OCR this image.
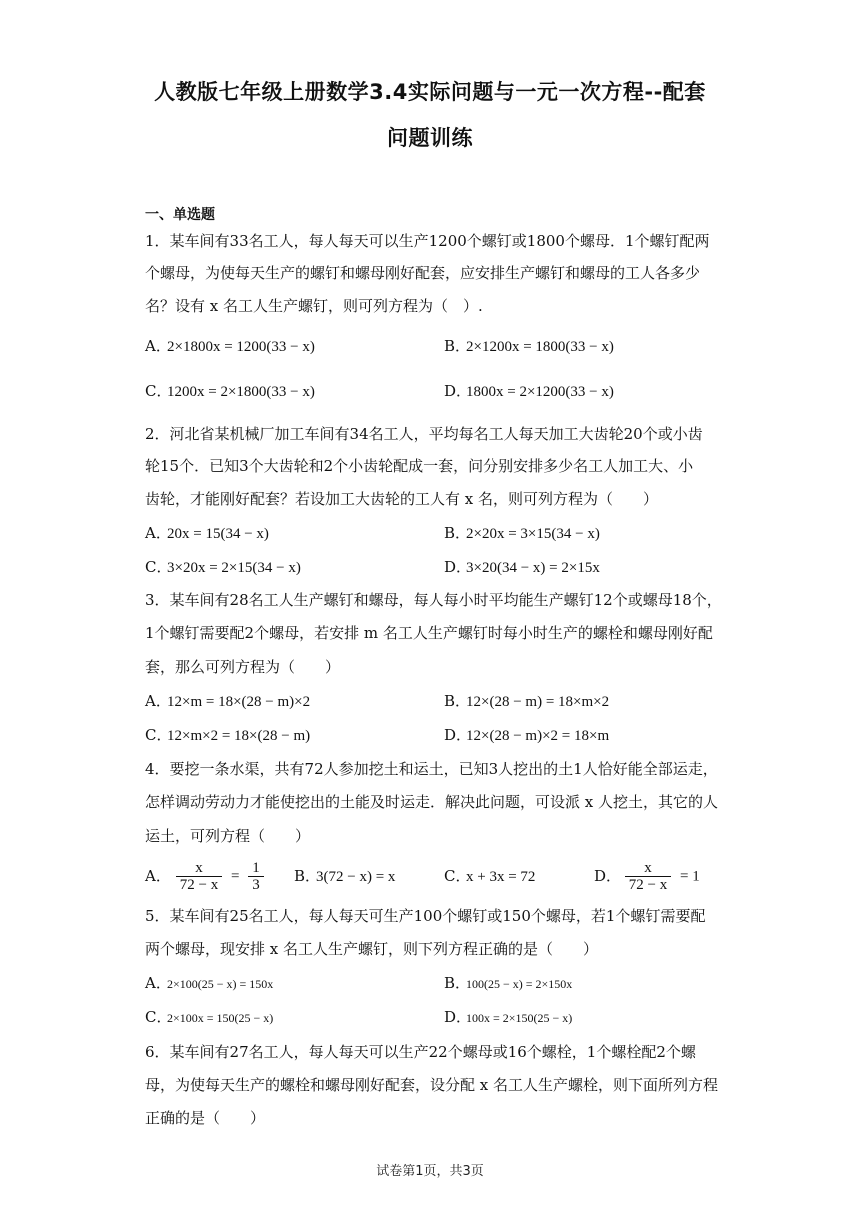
人教版七年级上册数学3.4实际问题与一元一次方程--配套
问题训练
一、单选题
1．某车间有33名工人，每人每天可以生产1200个螺钉或1800个螺母．1个螺钉配两
个螺母，为使每天生产的螺钉和螺母刚好配套，应安排生产螺钉和螺母的工人各多少
名？设有 x 名工人生产螺钉，则可列方程为（　）.
A．2×1800x = 1200(33 − x)	B．2×1200x = 1800(33 − x)
C．1200x = 2×1800(33 − x)	D．1800x = 2×1200(33 − x)
2．河北省某机械厂加工车间有34名工人，平均每名工人每天加工大齿轮20个或小齿
轮15个．已知3个大齿轮和2个小齿轮配成一套，问分别安排多少名工人加工大、小
齿轮，才能刚好配套？若设加工大齿轮的工人有 x 名，则可列方程为（　　）
A．20x = 15(34 − x)	B．2×20x = 3×15(34 − x)
C．3×20x = 2×15(34 − x)	D．3×20(34 − x) = 2×15x
3．某车间有28名工人生产螺钉和螺母，每人每小时平均能生产螺钉12个或螺母18个，
1个螺钉需要配2个螺母，若安排 m 名工人生产螺钉时每小时生产的螺栓和螺母刚好配
套，那么可列方程为（　　）
A．12×m = 18×(28 − m)×2	B．12×(28 − m) = 18×m×2
C．12×m×2 = 18×(28 − m)	D．12×(28 − m)×2 = 18×m
4．要挖一条水渠，共有72人参加挖土和运土，已知3人挖出的土1人恰好能全部运走，
怎样调动劳动力才能使挖出的土能及时运走．解决此问题，可设派 x 人挖土，其它的人
运土，可列方程（　　）
A． $\frac{x}{72 - x} = \frac{1}{3}$ B．3(72 − x) = x	C．x + 3x = 72	D． $\frac{x}{72 - x} = 1$
5．某车间有25名工人，每人每天可生产100个螺钉或150个螺母，若1个螺钉需要配
两个螺母，现安排 x 名工人生产螺钉，则下列方程正确的是（　　）
A．2×100(25 − x) = 150x	B．100(25 − x) = 2×150x
C．2×100x = 150(25 − x)	D．100x = 2×150(25 − x)
6．某车间有27名工人，每人每天可以生产22个螺母或16个螺栓，1个螺栓配2个螺
母，为使每天生产的螺栓和螺母刚好配套，设分配 x 名工人生产螺栓，则下面所列方程
正确的是（　　）
试卷第1页，共3页
